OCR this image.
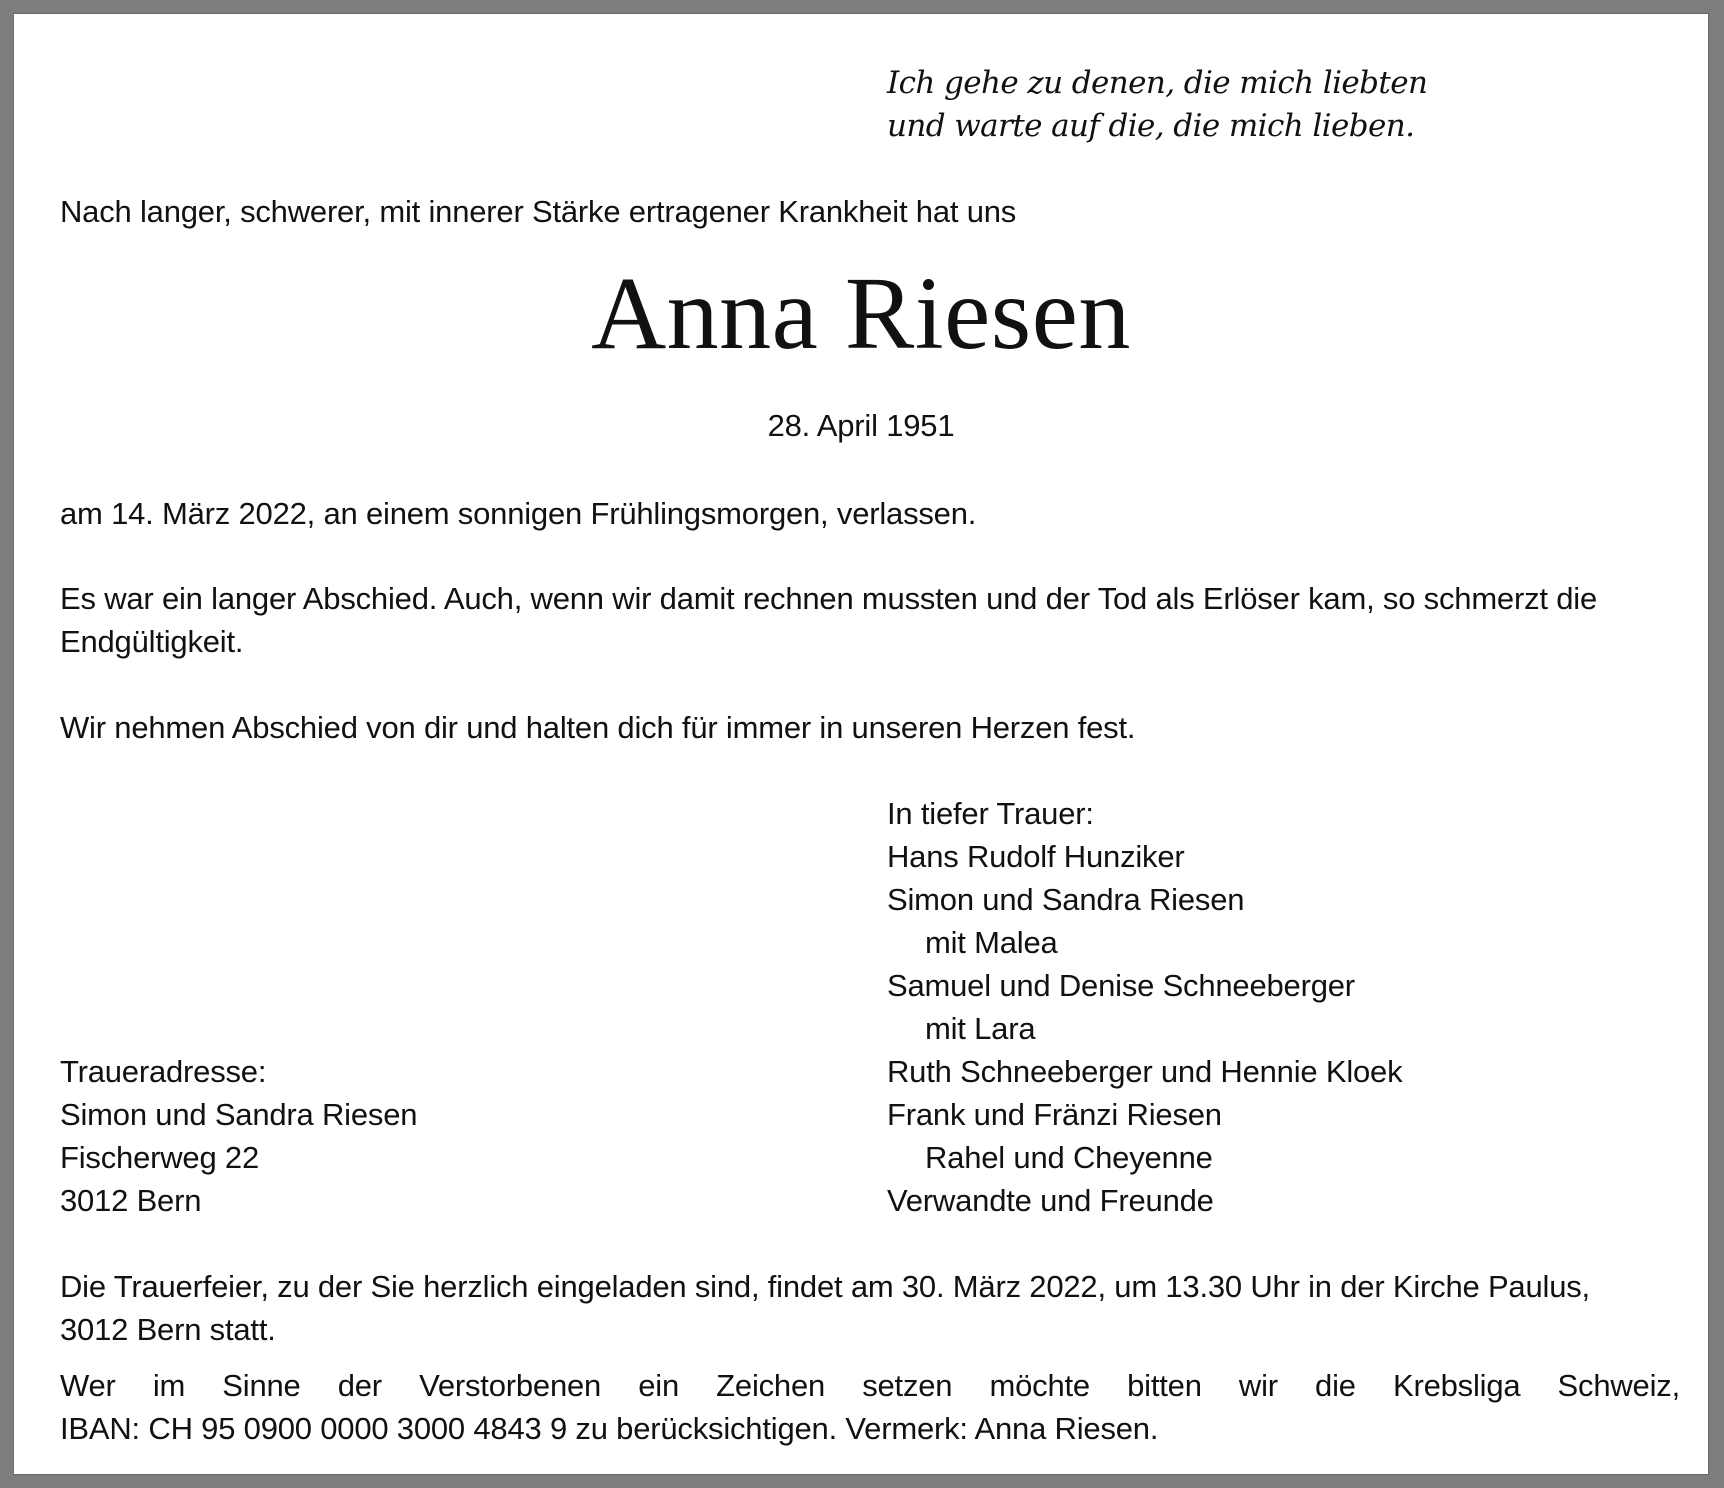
Ich gehe zu denen, die mich liebten
und warte auf die, die mich lieben.
Nach langer, schwerer, mit innerer Stärke ertragener Krankheit hat uns
Anna Riesen
28. April 1951
am 14. März 2022, an einem sonnigen Frühlingsmorgen, verlassen.
Es war ein langer Abschied. Auch, wenn wir damit rechnen mussten und der Tod als Erlöser kam, so schmerzt die
Endgültigkeit.
Wir nehmen Abschied von dir und halten dich für immer in unseren Herzen fest.
In tiefer Trauer:
Hans Rudolf Hunziker
Simon und Sandra Riesen
mit Malea
Samuel und Denise Schneeberger
mit Lara
Ruth Schneeberger und Hennie Kloek
Frank und Fränzi Riesen
Rahel und Cheyenne
Verwandte und Freunde
Traueradresse:
Simon und Sandra Riesen
Fischerweg 22
3012 Bern
Die Trauerfeier, zu der Sie herzlich eingeladen sind, findet am 30. März 2022, um 13.30 Uhr in der Kirche Paulus,
3012 Bern statt.
Wer im Sinne der Verstorbenen ein Zeichen setzen möchte bitten wir die Krebsliga Schweiz,
IBAN: CH 95 0900 0000 3000 4843 9 zu berücksichtigen. Vermerk: Anna Riesen.
